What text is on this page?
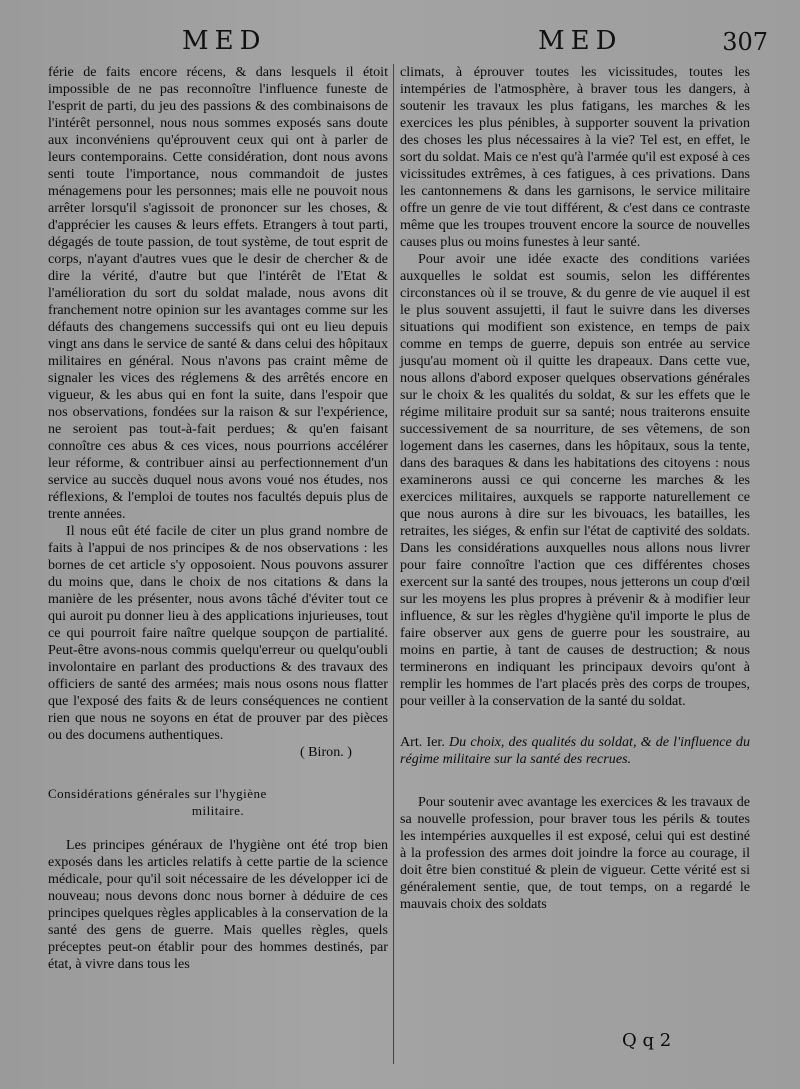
MED	MED	307

férie de faits encore récens, & dans lesquels il étoit impossible de ne pas reconnoître l'influence funeste de l'esprit de parti, du jeu des passions & des combinaisons de l'intérêt personnel, nous nous sommes exposés sans doute aux inconvéniens qu'éprouvent ceux qui ont à parler de leurs contemporains. Cette considération, dont nous avons senti toute l'importance, nous commandoit de justes ménagemens pour les personnes; mais elle ne pouvoit nous arrêter lorsqu'il s'agissoit de prononcer sur les choses, & d'apprécier les causes & leurs effets. Etrangers à tout parti, dégagés de toute passion, de tout système, de tout esprit de corps, n'ayant d'autres vues que le desir de chercher & de dire la vérité, d'autre but que l'intérêt de l'Etat & l'amélioration du sort du soldat malade, nous avons dit franchement notre opinion sur les avantages comme sur les défauts des changemens successifs qui ont eu lieu depuis vingt ans dans le service de santé & dans celui des hôpitaux militaires en général. Nous n'avons pas craint même de signaler les vices des réglemens & des arrêtés encore en vigueur, & les abus qui en font la suite, dans l'espoir que nos observations, fondées sur la raison & sur l'expérience, ne seroient pas tout-à-fait perdues; & qu'en faisant connoître ces abus & ces vices, nous pourrions accélérer leur réforme, & contribuer ainsi au perfectionnement d'un service au succès duquel nous avons voué nos études, nos réflexions, & l'emploi de toutes nos facultés depuis plus de trente années.

Il nous eût été facile de citer un plus grand nombre de faits à l'appui de nos principes & de nos observations : les bornes de cet article s'y opposoient. Nous pouvons assurer du moins que, dans le choix de nos citations & dans la manière de les présenter, nous avons tâché d'éviter tout ce qui auroit pu donner lieu à des applications injurieuses, tout ce qui pourroit faire naître quelque soupçon de partialité. Peut-être avons-nous commis quelqu'erreur ou quelqu'oubli involontaire en parlant des productions & des travaux des officiers de santé des armées; mais nous osons nous flatter que l'exposé des faits & de leurs conséquences ne contient rien que nous ne soyons en état de prouver par des pièces ou des documens authentiques.

( Biron. )
Considérations générales sur l'hygiène
militaire.

Les principes généraux de l'hygiène ont été trop bien exposés dans les articles relatifs à cette partie de la science médicale, pour qu'il soit nécessaire de les développer ici de nouveau; nous devons donc nous borner à déduire de ces principes quelques règles applicables à la conservation de la santé des gens de guerre. Mais quelles règles, quels préceptes peut-on établir pour des hommes destinés, par état, à vivre dans tous les

climats, à éprouver toutes les vicissitudes, toutes les intempéries de l'atmosphère, à braver tous les dangers, à soutenir les travaux les plus fatigans, les marches & les exercices les plus pénibles, à supporter souvent la privation des choses les plus nécessaires à la vie? Tel est, en effet, le sort du soldat. Mais ce n'est qu'à l'armée qu'il est exposé à ces vicissitudes extrêmes, à ces fatigues, à ces privations. Dans les cantonnemens & dans les garnisons, le service militaire offre un genre de vie tout différent, & c'est dans ce contraste même que les troupes trouvent encore la source de nouvelles causes plus ou moins funestes à leur santé.

Pour avoir une idée exacte des conditions variées auxquelles le soldat est soumis, selon les différentes circonstances où il se trouve, & du genre de vie auquel il est le plus souvent assujetti, il faut le suivre dans les diverses situations qui modifient son existence, en temps de paix comme en temps de guerre, depuis son entrée au service jusqu'au moment où il quitte les drapeaux. Dans cette vue, nous allons d'abord exposer quelques observations générales sur le choix & les qualités du soldat, & sur les effets que le régime militaire produit sur sa santé; nous traiterons ensuite successivement de sa nourriture, de ses vêtemens, de son logement dans les casernes, dans les hôpitaux, sous la tente, dans des baraques & dans les habitations des citoyens : nous examinerons aussi ce qui concerne les marches & les exercices militaires, auxquels se rapporte naturellement ce que nous aurons à dire sur les bivouacs, les batailles, les retraites, les siéges, & enfin sur l'état de captivité des soldats. Dans les considérations auxquelles nous allons nous livrer pour faire connoître l'action que ces différentes choses exercent sur la santé des troupes, nous jetterons un coup d'œil sur les moyens les plus propres à prévenir & à modifier leur influence, & sur les règles d'hygiène qu'il importe le plus de faire observer aux gens de guerre pour les soustraire, au moins en partie, à tant de causes de destruction; & nous terminerons en indiquant les principaux devoirs qu'ont à remplir les hommes de l'art placés près des corps de troupes, pour veiller à la conservation de la santé du soldat.

Art. Ier. Du choix, des qualités du soldat, & de l'influence du régime militaire sur la santé des recrues.

Pour soutenir avec avantage les exercices & les travaux de sa nouvelle profession, pour braver tous les périls & toutes les intempéries auxquelles il est exposé, celui qui est destiné à la profession des armes doit joindre la force au courage, il doit être bien constitué & plein de vigueur. Cette vérité est si généralement sentie, que, de tout temps, on a regardé le mauvais choix des soldats

Q q 2
